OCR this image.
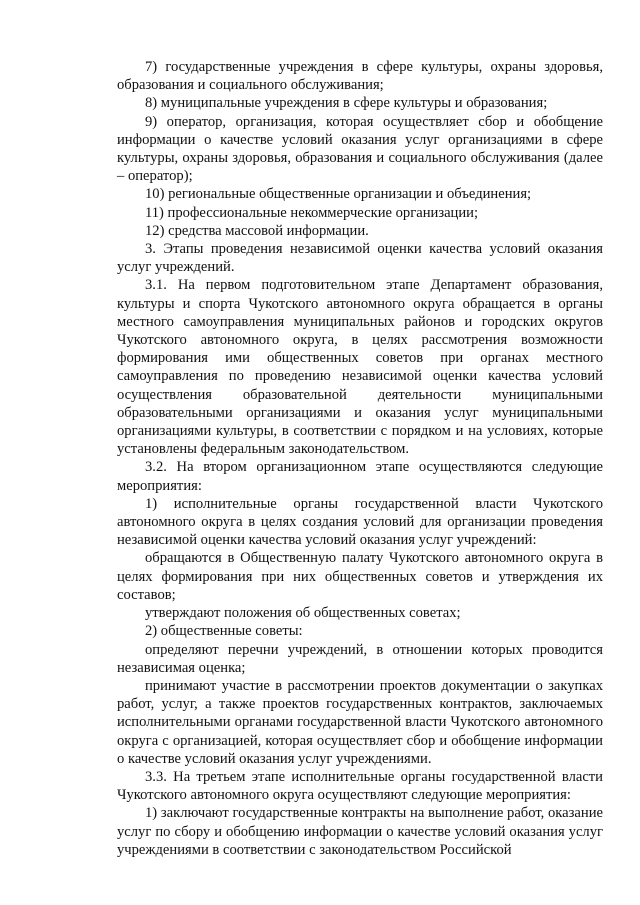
7) государственные учреждения в сфере культуры, охраны здоровья, образования и социального обслуживания;

8) муниципальные учреждения в сфере культуры и образования;

9) оператор, организация, которая осуществляет сбор и обобщение информации о качестве условий оказания услуг организациями в сфере культуры, охраны здоровья, образования и социального обслуживания (далее – оператор);

10) региональные общественные организации и объединения;

11) профессиональные некоммерческие организации;

12) средства массовой информации.

3. Этапы проведения независимой оценки качества условий оказания услуг учреждений.

3.1. На первом подготовительном этапе Департамент образования, культуры и спорта Чукотского автономного округа обращается в органы местного самоуправления муниципальных районов и городских округов Чукотского автономного округа, в целях рассмотрения возможности формирования ими общественных советов при органах местного самоуправления по проведению независимой оценки качества условий осуществления образовательной деятельности муниципальными образовательными организациями и оказания услуг муниципальными организациями культуры, в соответствии с порядком и на условиях, которые установлены федеральным законодательством.

3.2. На втором организационном этапе осуществляются следующие мероприятия:

1) исполнительные органы государственной власти Чукотского автономного округа в целях создания условий для организации проведения независимой оценки качества условий оказания услуг учреждений:

обращаются в Общественную палату Чукотского автономного округа в целях формирования при них общественных советов и утверждения их составов;

утверждают положения об общественных советах;

2) общественные советы:

определяют перечни учреждений, в отношении которых проводится независимая оценка;

принимают участие в рассмотрении проектов документации о закупках работ, услуг, а также проектов государственных контрактов, заключаемых исполнительными органами государственной власти Чукотского автономного округа с организацией, которая осуществляет сбор и обобщение информации о качестве условий оказания услуг учреждениями.

3.3. На третьем этапе исполнительные органы государственной власти Чукотского автономного округа осуществляют следующие мероприятия:

1) заключают государственные контракты на выполнение работ, оказание услуг по сбору и обобщению информации о качестве условий оказания услуг учреждениями в соответствии с законодательством Российской
